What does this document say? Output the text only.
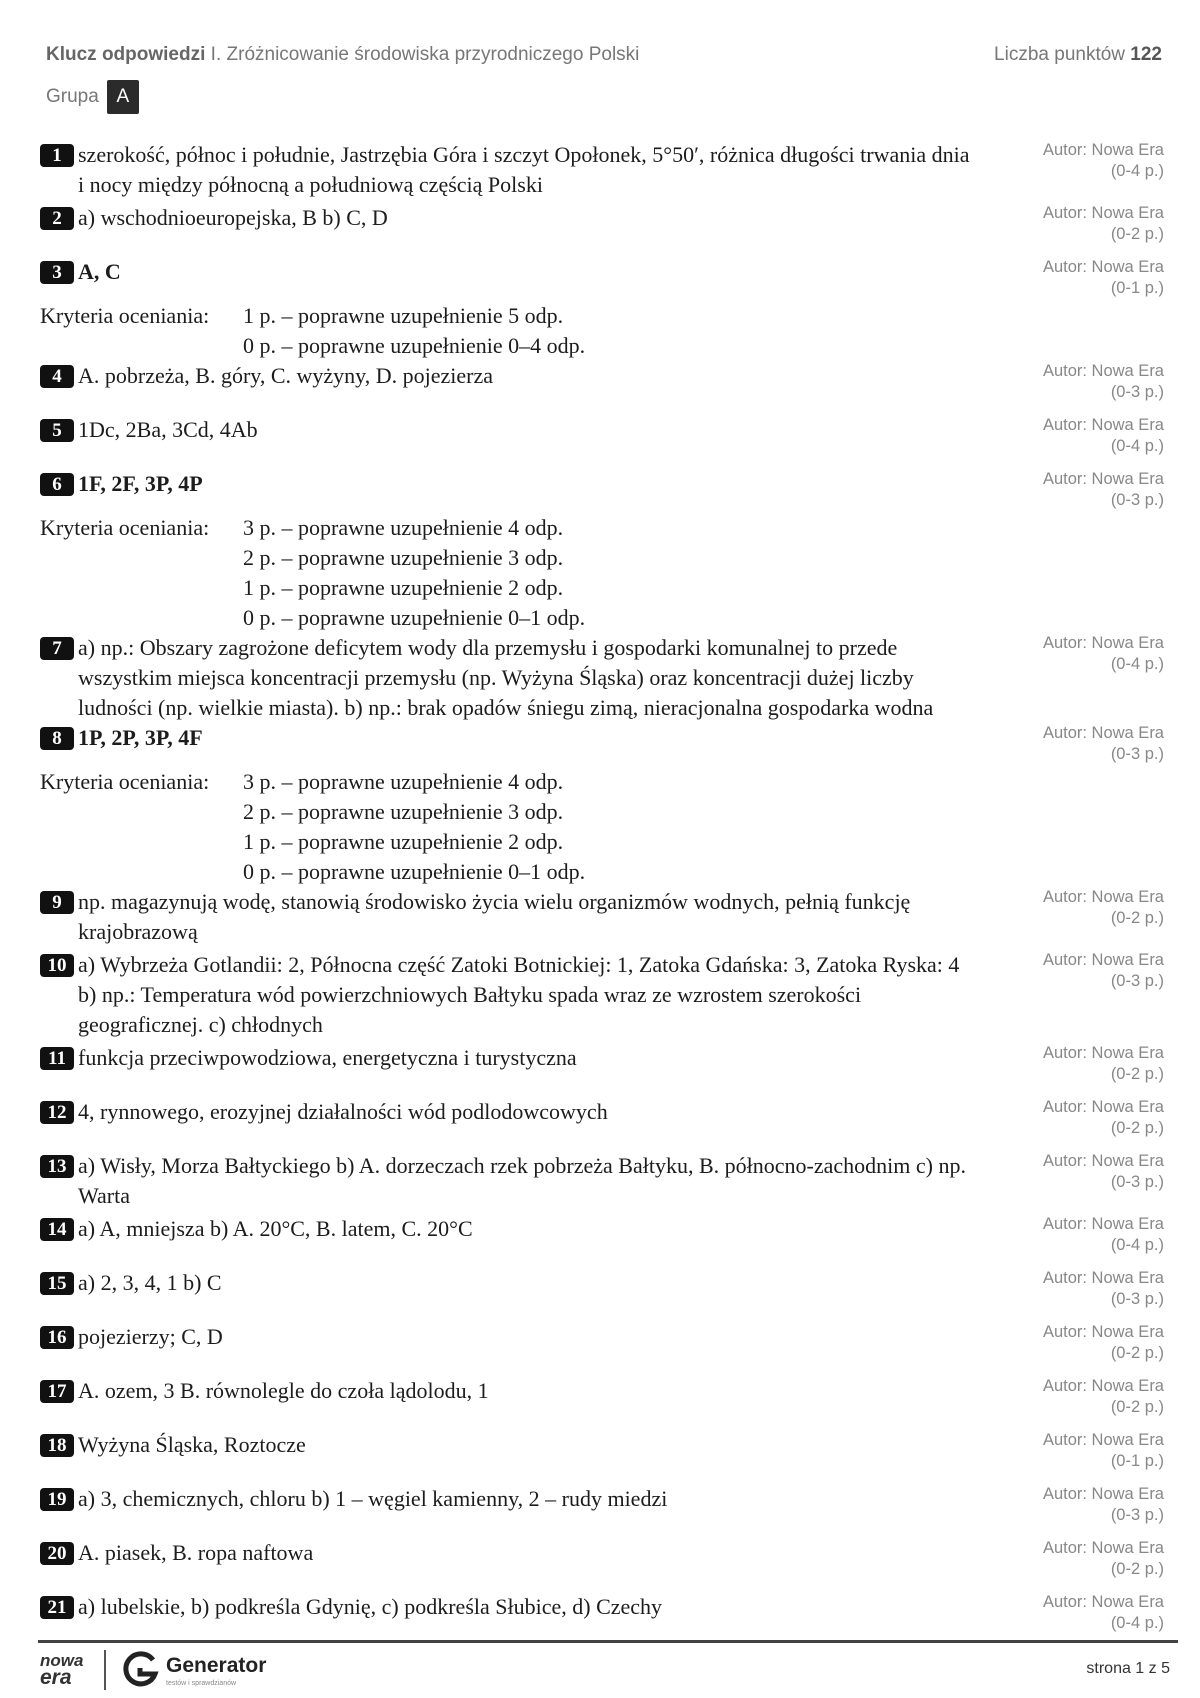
Klucz odpowiedzi I. Zróżnicowanie środowiska przyrodniczego Polski	Liczba punktów 122
Grupa A
1 szerokość, północ i południe, Jastrzębia Góra i szczyt Opołonek, 5°50′, różnica długości trwania dnia i nocy między północną a południową częścią Polski
Autor: Nowa Era
(0-4 p.)
2 a) wschodnioeuropejska, B b) C, D	Autor: Nowa Era
(0-2 p.)
3 A, C	Autor: Nowa Era
(0-1 p.)
Kryteria oceniania:	1 p. – poprawne uzupełnienie 5 odp.
0 p. – poprawne uzupełnienie 0–4 odp.
4 A. pobrzeża, B. góry, C. wyżyny, D. pojezierza	Autor: Nowa Era
(0-3 p.)
5 1Dc, 2Ba, 3Cd, 4Ab	Autor: Nowa Era
(0-4 p.)
6 1F, 2F, 3P, 4P	Autor: Nowa Era
(0-3 p.)
Kryteria oceniania:	3 p. – poprawne uzupełnienie 4 odp.
2 p. – poprawne uzupełnienie 3 odp.
1 p. – poprawne uzupełnienie 2 odp.
0 p. – poprawne uzupełnienie 0–1 odp.
7 a) np.: Obszary zagrożone deficytem wody dla przemysłu i gospodarki komunalnej to przede wszystkim miejsca koncentracji przemysłu (np. Wyżyna Śląska) oraz koncentracji dużej liczby ludności (np. wielkie miasta). b) np.: brak opadów śniegu zimą, nieracjonalna gospodarka wodna
Autor: Nowa Era
(0-4 p.)
8 1P, 2P, 3P, 4F	Autor: Nowa Era
(0-3 p.)
Kryteria oceniania:	3 p. – poprawne uzupełnienie 4 odp.
2 p. – poprawne uzupełnienie 3 odp.
1 p. – poprawne uzupełnienie 2 odp.
0 p. – poprawne uzupełnienie 0–1 odp.
9 np. magazynują wodę, stanowią środowisko życia wielu organizmów wodnych, pełnią funkcję krajobrazową
Autor: Nowa Era
(0-2 p.)
10 a) Wybrzeża Gotlandii: 2, Północna część Zatoki Botnickiej: 1, Zatoka Gdańska: 3, Zatoka Ryska: 4 b) np.: Temperatura wód powierzchniowych Bałtyku spada wraz ze wzrostem szerokości geograficznej. c) chłodnych
Autor: Nowa Era
(0-3 p.)
11 funkcja przeciwpowodziowa, energetyczna i turystyczna	Autor: Nowa Era
(0-2 p.)
12 4, rynnowego, erozyjnej działalności wód podlodowcowych	Autor: Nowa Era
(0-2 p.)
13 a) Wisły, Morza Bałtyckiego b) A. dorzeczach rzek pobrzeża Bałtyku, B. północno-zachodnim c) np. Warta
Autor: Nowa Era
(0-3 p.)
14 a) A, mniejsza b) A. 20°C, B. latem, C. 20°C	Autor: Nowa Era
(0-4 p.)
15 a) 2, 3, 4, 1 b) C	Autor: Nowa Era
(0-3 p.)
16 pojezierzy; C, D	Autor: Nowa Era
(0-2 p.)
17 A. ozem, 3 B. równolegle do czoła lądolodu, 1	Autor: Nowa Era
(0-2 p.)
18 Wyżyna Śląska, Roztocze	Autor: Nowa Era
(0-1 p.)
19 a) 3, chemicznych, chloru b) 1 – węgiel kamienny, 2 – rudy miedzi	Autor: Nowa Era
(0-3 p.)
20 A. piasek, B. ropa naftowa	Autor: Nowa Era
(0-2 p.)
21 a) lubelskie, b) podkreśla Gdynię, c) podkreśla Słubice, d) Czechy	Autor: Nowa Era
(0-4 p.)
nowa
era
Generator
testów i sprawdzianów
strona 1 z 5
